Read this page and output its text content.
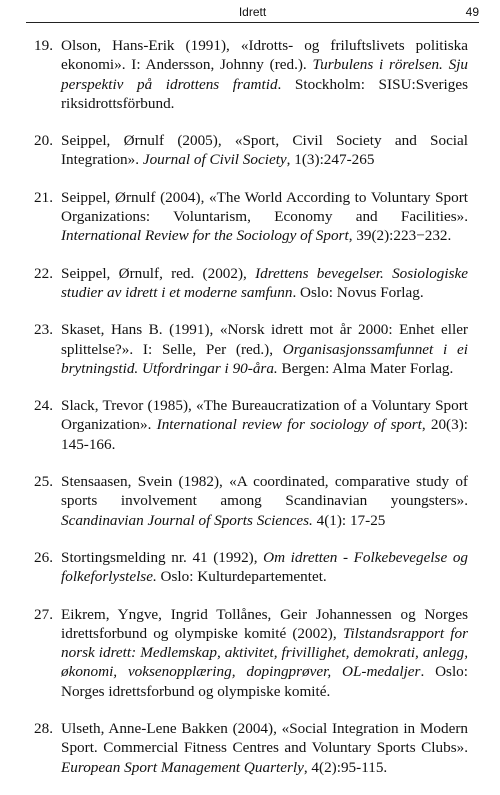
Idrett	49
19. Olson, Hans-Erik (1991), «Idrotts- og friluftslivets politiska ekonomi». I: Andersson, Johnny (red.). Turbulens i rörelsen. Sju perspektiv på idrottens framtid. Stockholm: SISU:Sveriges riksidrottsförbund.
20. Seippel, Ørnulf (2005), «Sport, Civil Society and Social Integration». Journal of Civil Society, 1(3):247-265
21. Seippel, Ørnulf (2004), «The World According to Voluntary Sport Organizations: Voluntarism, Economy and Facilities». International Review for the Sociology of Sport, 39(2):223−232.
22. Seippel, Ørnulf, red. (2002), Idrettens bevegelser. Sosiologiske studier av idrett i et moderne samfunn. Oslo: Novus Forlag.
23. Skaset, Hans B. (1991), «Norsk idrett mot år 2000: Enhet eller splittelse?». I: Selle, Per (red.), Organisasjonssamfunnet i ei brytningstid. Utfordringar i 90-åra. Bergen: Alma Mater Forlag.
24. Slack, Trevor (1985), «The Bureaucratization of a Voluntary Sport Organization». International review for sociology of sport, 20(3): 145-166.
25. Stensaasen, Svein (1982), «A coordinated, comparative study of sports involvement among Scandinavian youngsters». Scandinavian Journal of Sports Sciences. 4(1): 17-25
26. Stortingsmelding nr. 41 (1992), Om idretten - Folkebevegelse og folkeforlystelse. Oslo: Kulturdepartementet.
27. Eikrem, Yngve, Ingrid Tollånes, Geir Johannessen og Norges idrettsforbund og olympiske komité (2002), Tilstandsrapport for norsk idrett: Medlemskap, aktivitet, frivillighet, demokrati, anlegg, økonomi, voksenopplæring, dopingprøver, OL-medaljer. Oslo: Norges idrettsforbund og olympiske komité.
28. Ulseth, Anne-Lene Bakken (2004), «Social Integration in Modern Sport. Commercial Fitness Centres and Voluntary Sports Clubs». European Sport Management Quarterly, 4(2):95-115.
